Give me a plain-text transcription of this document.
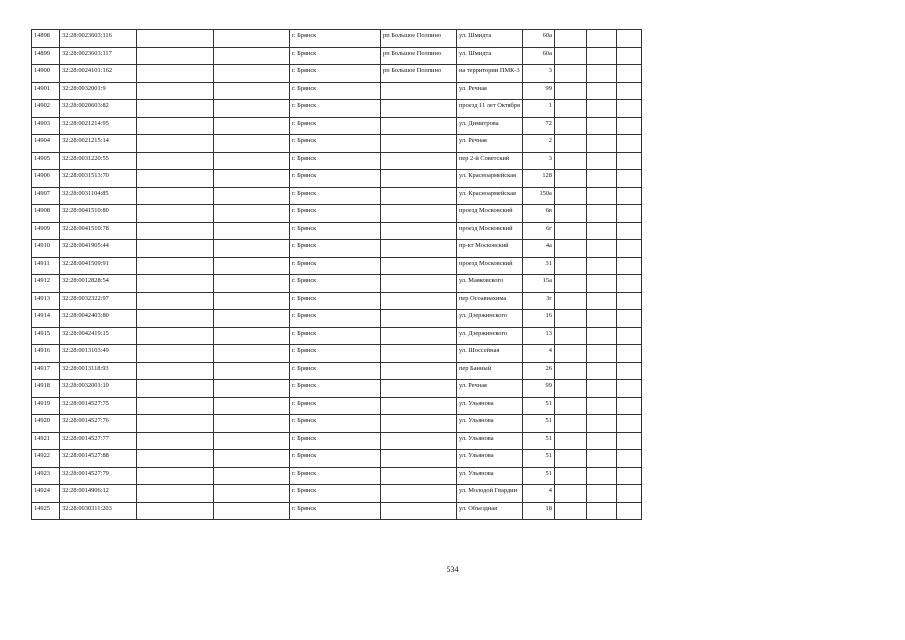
14898	32:28:0023603:116			г. Брянск	рп Большое Полпино	ул. Шмидта	60а			
14899	32:28:0023603:117			г. Брянск	рп Большое Полпино	ул. Шмидта	60а			
14900	32:28:0024101:162			г. Брянск	рп Большое Полпино	на территории ПМК-3	3			
14901	32:28:0032001:9			г. Брянск		ул. Речная	99			
14902	32:28:0020603:82			г. Брянск		проезд 11 лет Октября	1			
14903	32:28:0021214:95			г. Брянск		ул. Димитрова	72			
14904	32:28:0021215:14			г. Брянск		ул. Речная	2			
14905	32:28:0031220:55			г. Брянск		пер 2-й Советский	3			
14906	32:28:0031513:70			г. Брянск		ул. Красноармейская	128			
14907	32:28:0031104:85			г. Брянск		ул. Красноармейская	150а			
14908	32:28:0041510:80			г. Брянск		проезд Московский	6в			
14909	32:28:0041510:78			г. Брянск		проезд Московский	6г			
14910	32:28:0041905:44			г. Брянск		пр-кт Московский	4а			
14911	32:28:0041509:91			г. Брянск		проезд Московский	31			
14912	32:28:0012828:54			г. Брянск		ул. Маяковского	15а			
14913	32:28:0032322:97			г. Брянск		пер Осоавиахима	3г			
14914	32:28:0042403:80			г. Брянск		ул. Дзержинского	16			
14915	32:28:0042419:15			г. Брянск		ул. Дзержинского	13			
14916	32:28:0013103:49			г. Брянск		ул. Шоссейная	4			
14917	32:28:0013118:93			г. Брянск		пер Банный	26			
14918	32:28:0032001:10			г. Брянск		ул. Речная	99			
14919	32:28:0014527:75			г. Брянск		ул. Ульянова	51			
14920	32:28:0014527:76			г. Брянск		ул. Ульянова	51			
14921	32:28:0014527:77			г. Брянск		ул. Ульянова	51			
14922	32:28:0014527:88			г. Брянск		ул. Ульянова	51			
14923	32:28:0014527:79			г. Брянск		ул. Ульянова	51			
14924	32:28:0014906:12			г. Брянск		ул. Молодой Гвардии	4			
14925	32:28:0030311:203			г. Брянск		ул. Объездная	18			
534
